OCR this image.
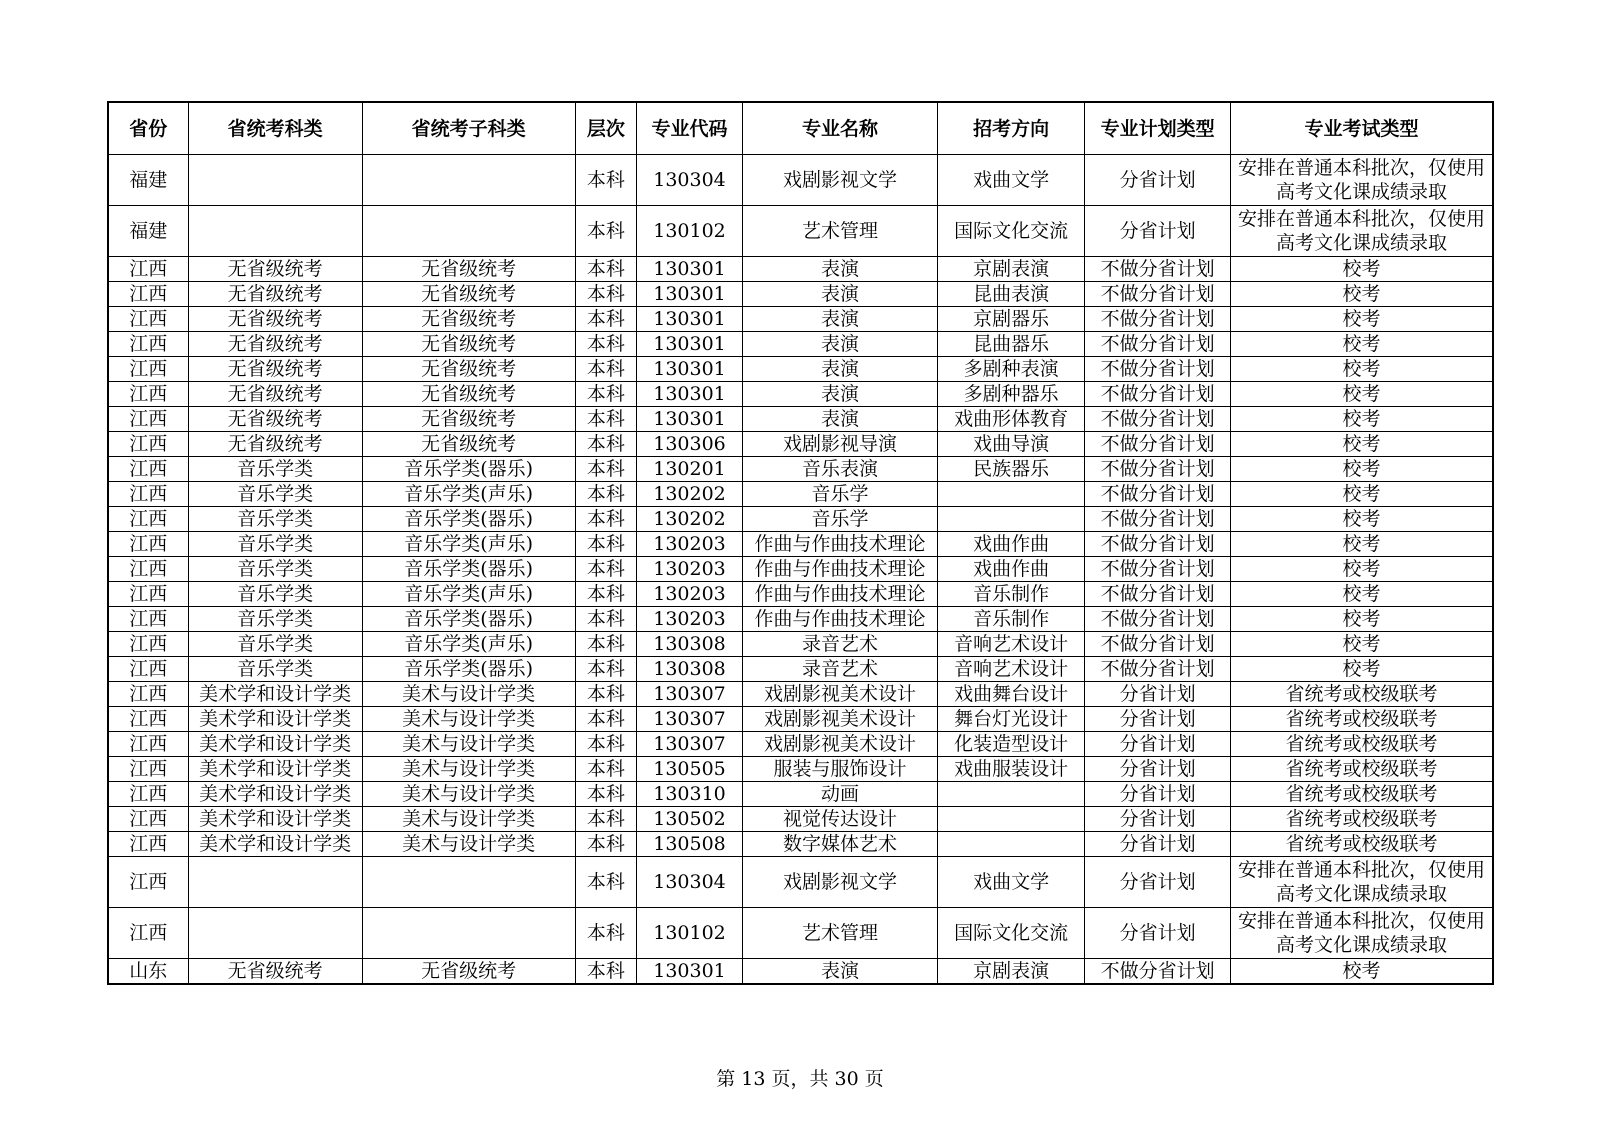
省份	省统考科类	省统考子科类	层次	专业代码	专业名称	招考方向	专业计划类型	专业考试类型
福建			本科	130304	戏剧影视文学	戏曲文学	分省计划	安排在普通本科批次，仅使用高考文化课成绩录取
福建			本科	130102	艺术管理	国际文化交流	分省计划	安排在普通本科批次，仅使用高考文化课成绩录取
江西	无省级统考	无省级统考	本科	130301	表演	京剧表演	不做分省计划	校考
江西	无省级统考	无省级统考	本科	130301	表演	昆曲表演	不做分省计划	校考
江西	无省级统考	无省级统考	本科	130301	表演	京剧器乐	不做分省计划	校考
江西	无省级统考	无省级统考	本科	130301	表演	昆曲器乐	不做分省计划	校考
江西	无省级统考	无省级统考	本科	130301	表演	多剧种表演	不做分省计划	校考
江西	无省级统考	无省级统考	本科	130301	表演	多剧种器乐	不做分省计划	校考
江西	无省级统考	无省级统考	本科	130301	表演	戏曲形体教育	不做分省计划	校考
江西	无省级统考	无省级统考	本科	130306	戏剧影视导演	戏曲导演	不做分省计划	校考
江西	音乐学类	音乐学类(器乐)	本科	130201	音乐表演	民族器乐	不做分省计划	校考
江西	音乐学类	音乐学类(声乐)	本科	130202	音乐学		不做分省计划	校考
江西	音乐学类	音乐学类(器乐)	本科	130202	音乐学		不做分省计划	校考
江西	音乐学类	音乐学类(声乐)	本科	130203	作曲与作曲技术理论	戏曲作曲	不做分省计划	校考
江西	音乐学类	音乐学类(器乐)	本科	130203	作曲与作曲技术理论	戏曲作曲	不做分省计划	校考
江西	音乐学类	音乐学类(声乐)	本科	130203	作曲与作曲技术理论	音乐制作	不做分省计划	校考
江西	音乐学类	音乐学类(器乐)	本科	130203	作曲与作曲技术理论	音乐制作	不做分省计划	校考
江西	音乐学类	音乐学类(声乐)	本科	130308	录音艺术	音响艺术设计	不做分省计划	校考
江西	音乐学类	音乐学类(器乐)	本科	130308	录音艺术	音响艺术设计	不做分省计划	校考
江西	美术学和设计学类	美术与设计学类	本科	130307	戏剧影视美术设计	戏曲舞台设计	分省计划	省统考或校级联考
江西	美术学和设计学类	美术与设计学类	本科	130307	戏剧影视美术设计	舞台灯光设计	分省计划	省统考或校级联考
江西	美术学和设计学类	美术与设计学类	本科	130307	戏剧影视美术设计	化装造型设计	分省计划	省统考或校级联考
江西	美术学和设计学类	美术与设计学类	本科	130505	服装与服饰设计	戏曲服装设计	分省计划	省统考或校级联考
江西	美术学和设计学类	美术与设计学类	本科	130310	动画		分省计划	省统考或校级联考
江西	美术学和设计学类	美术与设计学类	本科	130502	视觉传达设计		分省计划	省统考或校级联考
江西	美术学和设计学类	美术与设计学类	本科	130508	数字媒体艺术		分省计划	省统考或校级联考
江西			本科	130304	戏剧影视文学	戏曲文学	分省计划	安排在普通本科批次，仅使用高考文化课成绩录取
江西			本科	130102	艺术管理	国际文化交流	分省计划	安排在普通本科批次，仅使用高考文化课成绩录取
山东	无省级统考	无省级统考	本科	130301	表演	京剧表演	不做分省计划	校考
第 13 页，共 30 页
